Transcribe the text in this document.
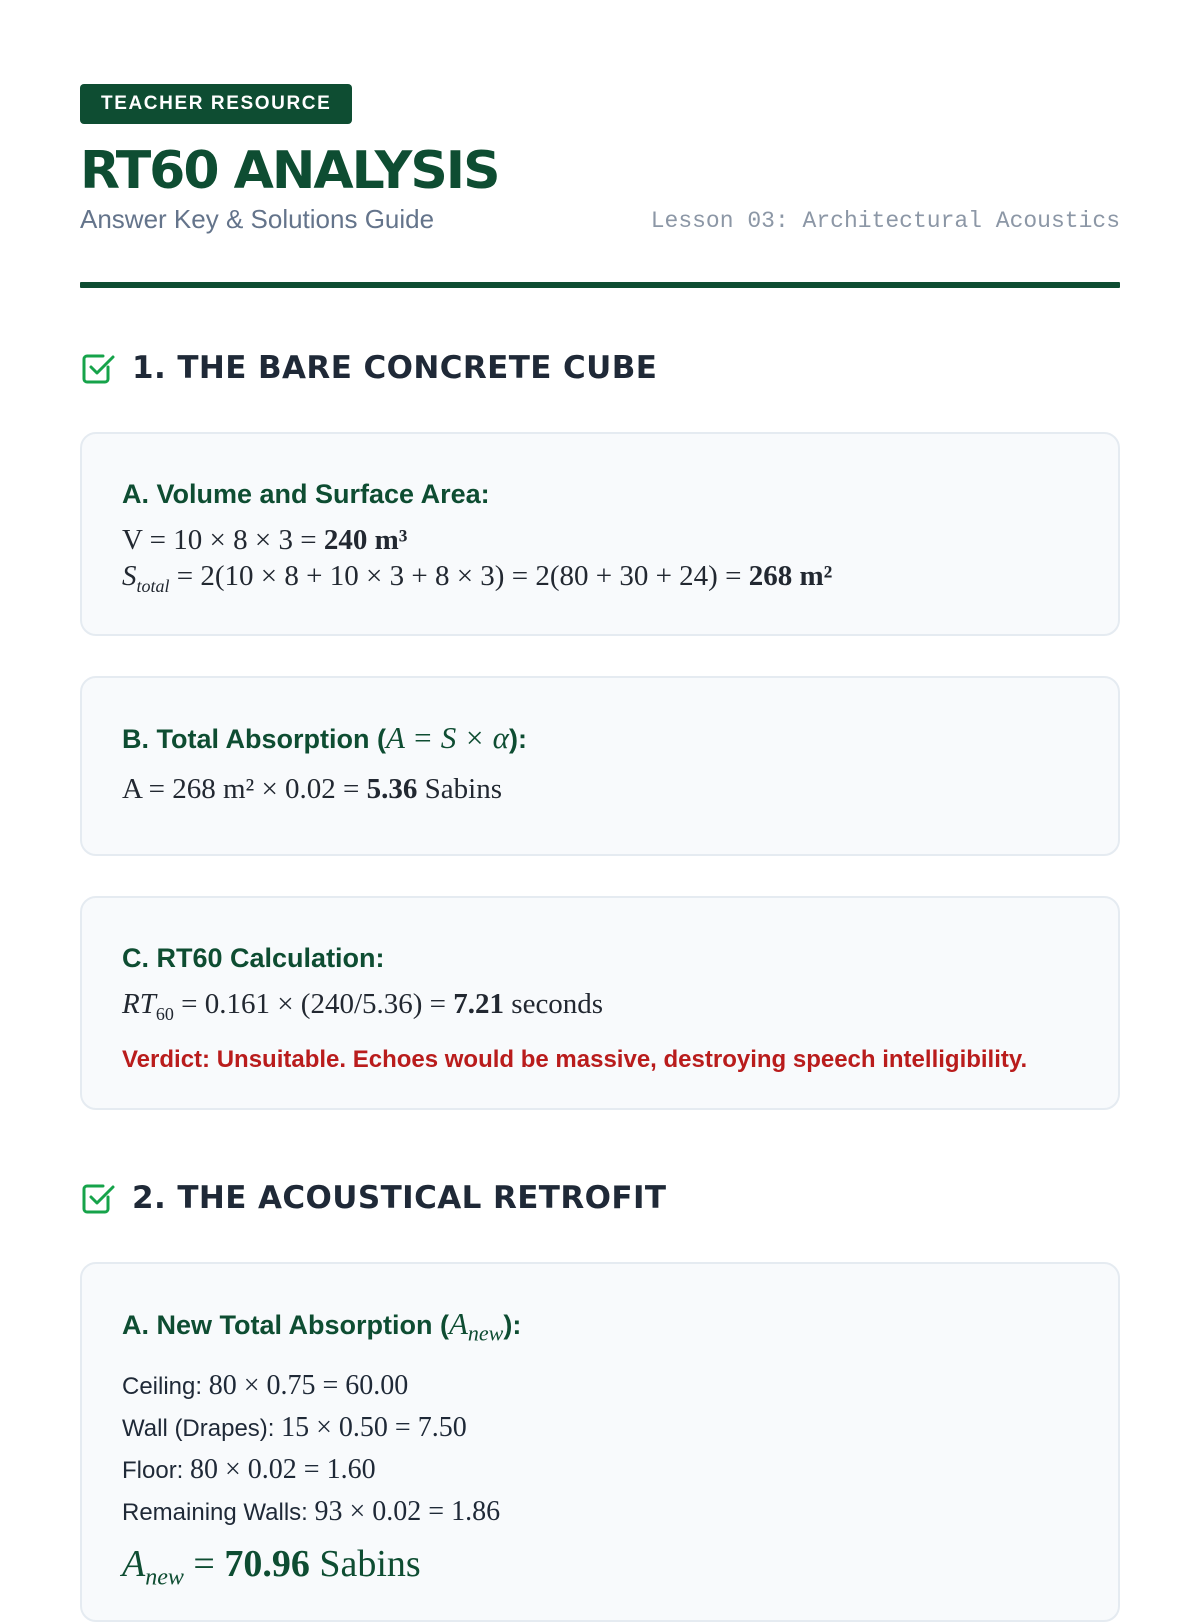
TEACHER RESOURCE
RT60 ANALYSIS
Answer Key & Solutions Guide	Lesson 03: Architectural Acoustics
1. THE BARE CONCRETE CUBE
A. Volume and Surface Area:
V = 10 × 8 × 3 = 240 m³
$S_{total} = 2(10 \times 8 + 10 \times 3 + 8 \times 3) = 2(80 + 30 + 24) = 268$ m²
B. Total Absorption (A = S × α):
A = 268 m² × 0.02 = 5.36 Sabins
C. RT60 Calculation:
$RT_{60} = 0.161 \times (240/5.36) = 7.21$ seconds
Verdict: Unsuitable. Echoes would be massive, destroying speech intelligibility.
2. THE ACOUSTICAL RETROFIT
A. New Total Absorption $(A_{new})$:
Ceiling: 80 × 0.75 = 60.00
Wall (Drapes): 15 × 0.50 = 7.50
Floor: 80 × 0.02 = 1.60
Remaining Walls: 93 × 0.02 = 1.86
$A_{new} = 70.96$ Sabins
